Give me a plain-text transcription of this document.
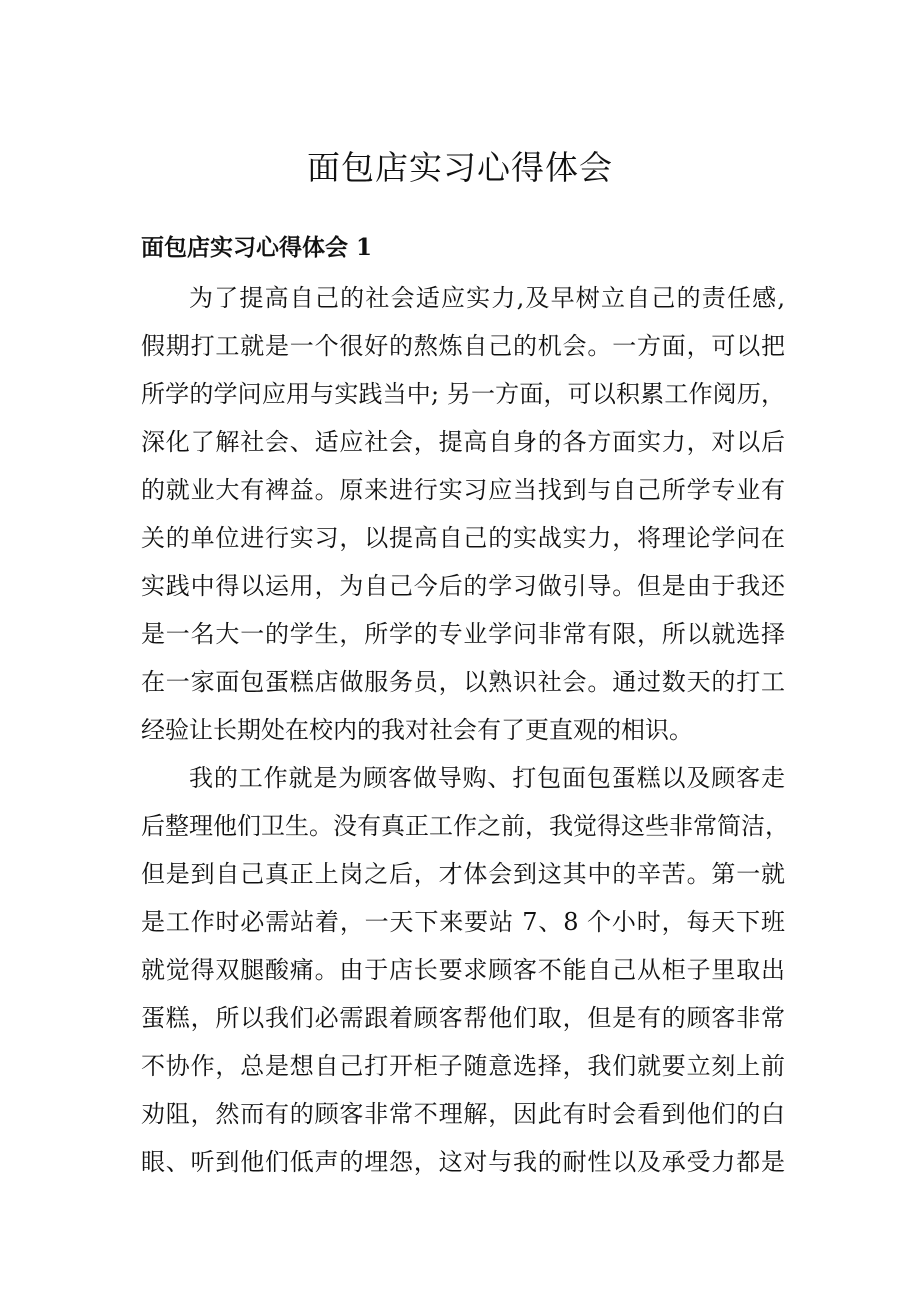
面包店实习心得体会
面包店实习心得体会 1
为了提高自己的社会适应实力,及早树立自己的责任感,
假期打工就是一个很好的熬炼自己的机会。一方面，可以把
所学的学问应用与实践当中; 另一方面，可以积累工作阅历，
深化了解社会、适应社会，提高自身的各方面实力，对以后
的就业大有裨益。原来进行实习应当找到与自己所学专业有
关的单位进行实习，以提高自己的实战实力，将理论学问在
实践中得以运用，为自己今后的学习做引导。但是由于我还
是一名大一的学生，所学的专业学问非常有限，所以就选择
在一家面包蛋糕店做服务员，以熟识社会。通过数天的打工
经验让长期处在校内的我对社会有了更直观的相识。
我的工作就是为顾客做导购、打包面包蛋糕以及顾客走
后整理他们卫生。没有真正工作之前，我觉得这些非常简洁，
但是到自己真正上岗之后，才体会到这其中的辛苦。第一就
是工作时必需站着，一天下来要站 7、8 个小时，每天下班
就觉得双腿酸痛。由于店长要求顾客不能自己从柜子里取出
蛋糕，所以我们必需跟着顾客帮他们取，但是有的顾客非常
不协作，总是想自己打开柜子随意选择，我们就要立刻上前
劝阻，然而有的顾客非常不理解，因此有时会看到他们的白
眼、听到他们低声的埋怨，这对与我的耐性以及承受力都是
